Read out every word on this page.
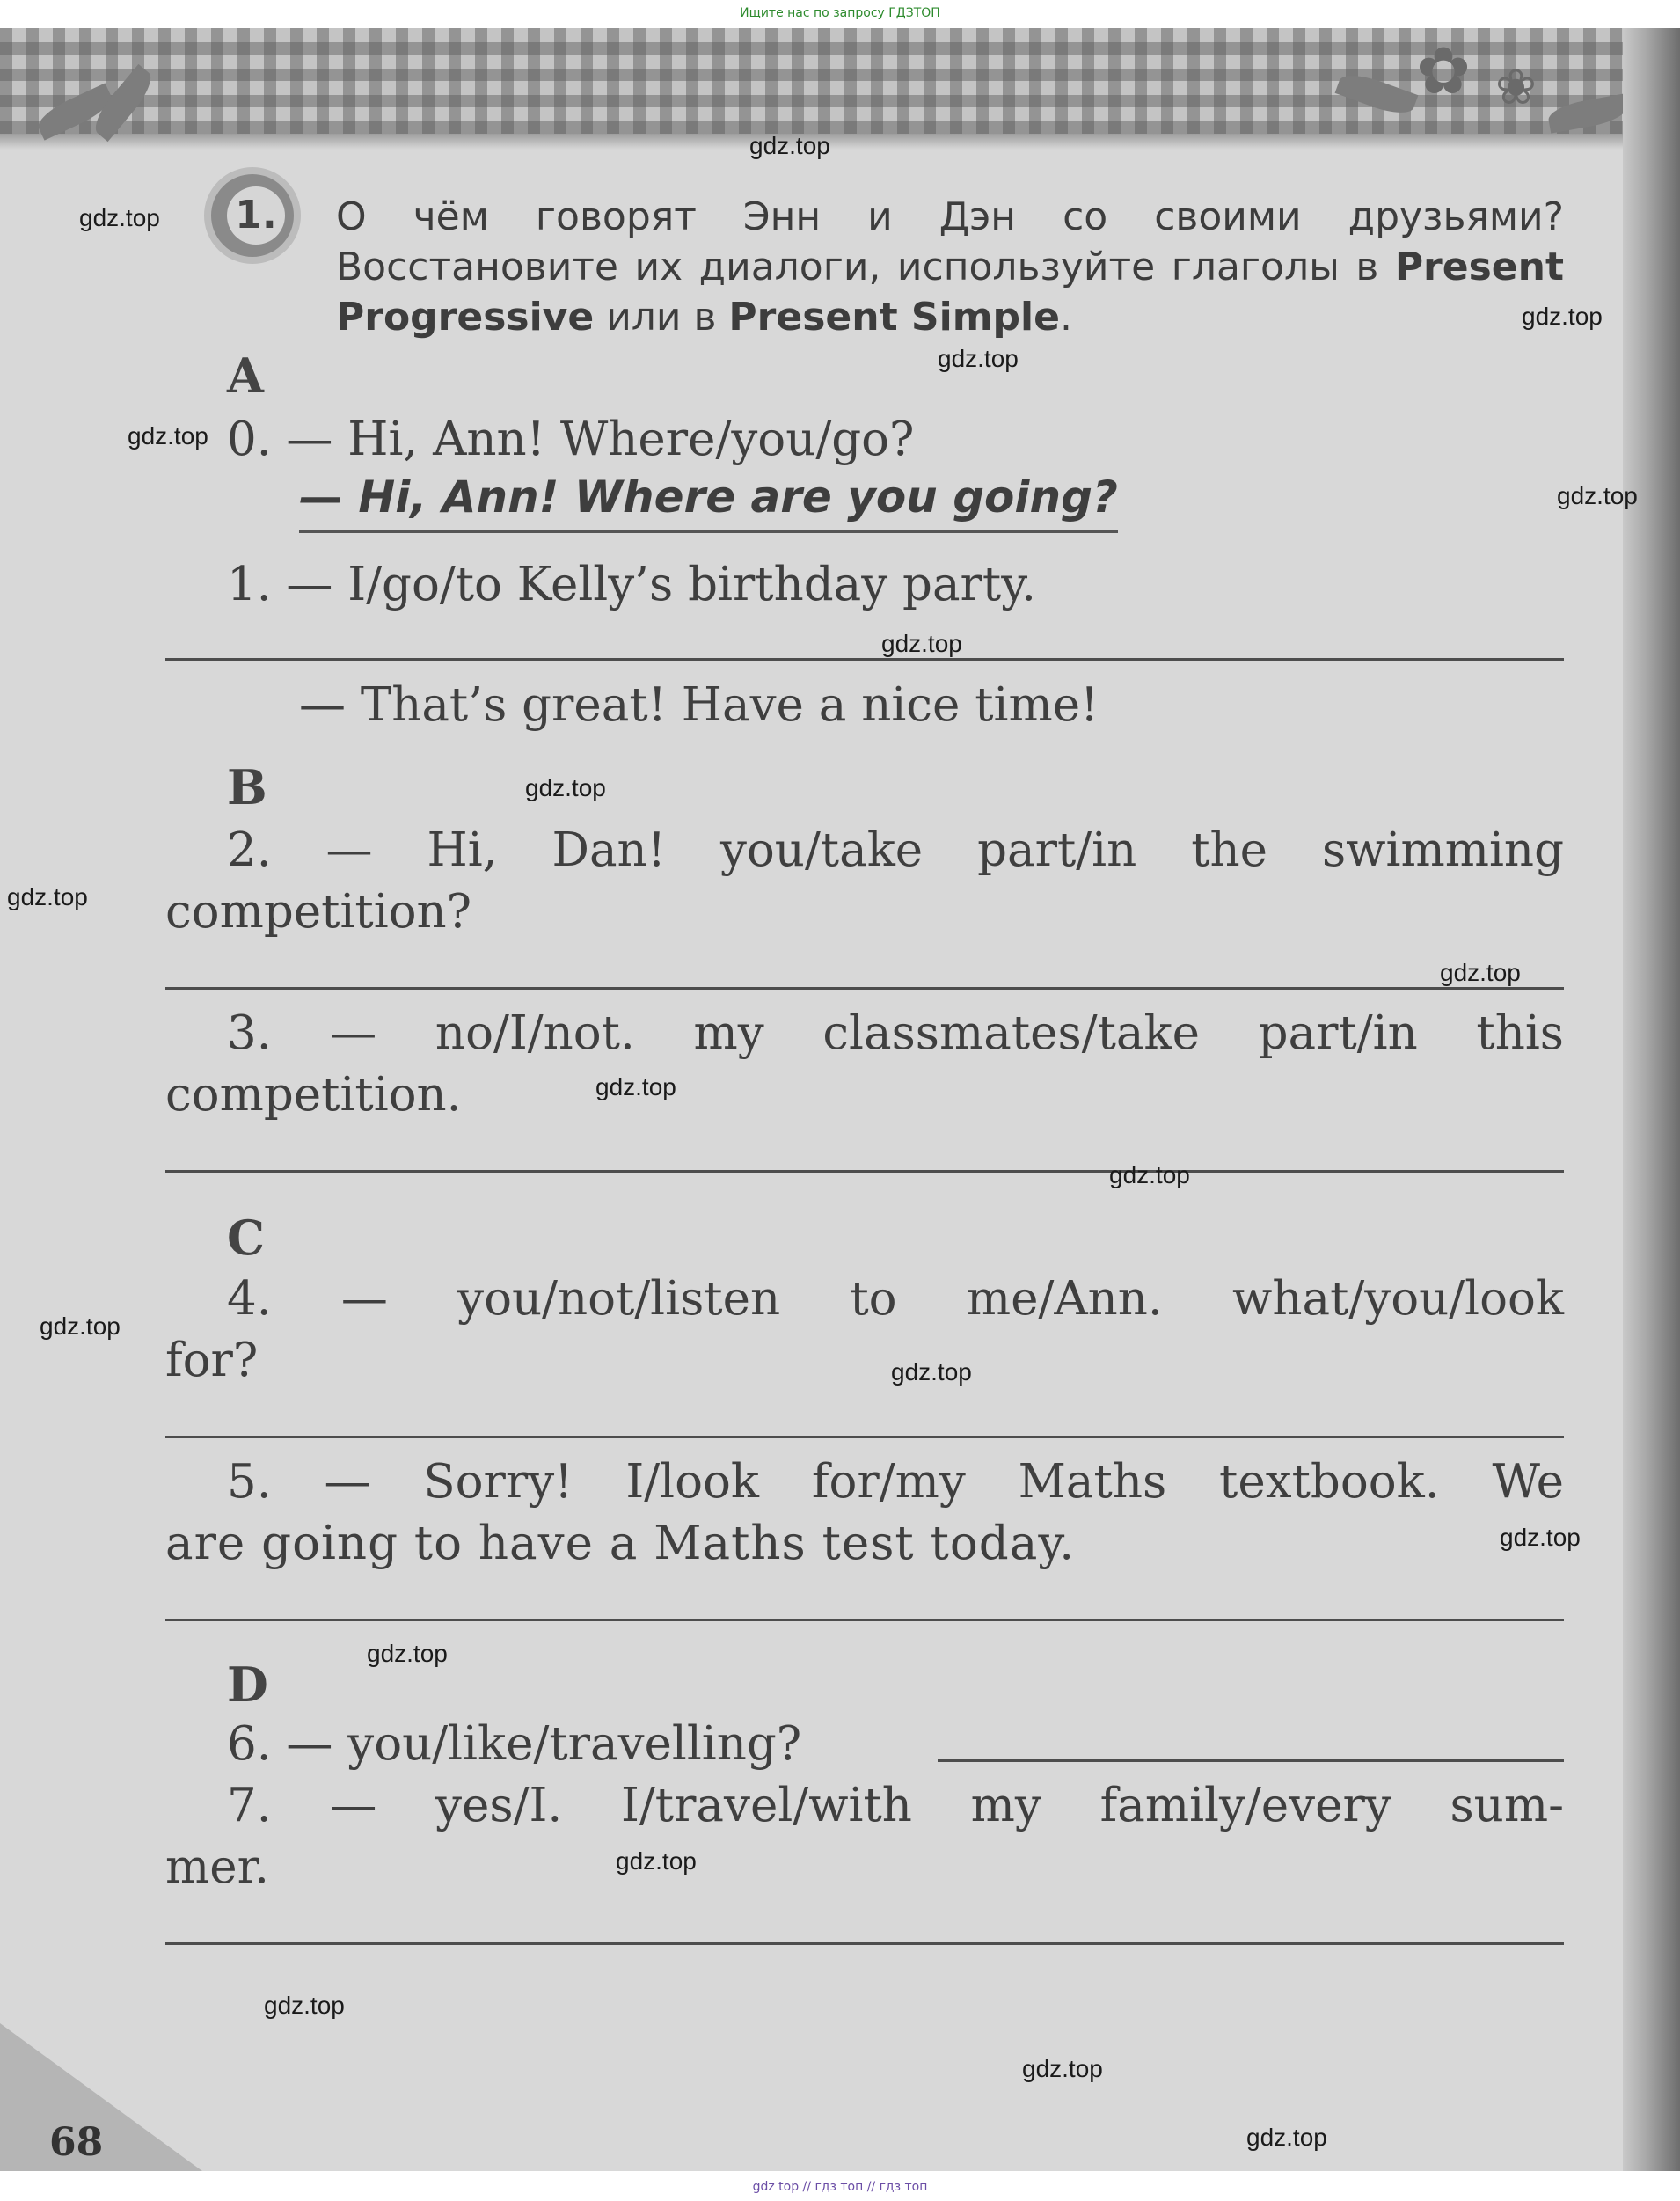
Ищите нас по запросу ГДЗТОП
✿ ❀
1. О чём говорят Энн и Дэн со своими друзьями? Восстановите их диалоги, используйте глаголы в Present Progressive или в Present Simple.
A
0. — Hi, Ann! Where/you/go?
— Hi, Ann! Where are you going?
1. — I/go/to Kelly’s birthday party.
— That’s great! Have a nice time!
B
2. — Hi, Dan! you/take part/in the swimming
competition?
3. — no/I/not. my classmates/take part/in this
competition.
C
4. — you/not/listen to me/Ann. what/you/look
for?
5. — Sorry! I/look for/my Maths textbook. We
are going to have a Maths test today.
D
6. — you/like/travelling?
7. — yes/I. I/travel/with my family/every sum-
mer.
68
gdz.top
gdz.top
gdz.top
gdz.top
gdz.top
gdz.top
gdz.top
gdz.top
gdz.top
gdz.top
gdz.top
gdz.top
gdz.top
gdz.top
gdz.top
gdz.top
gdz.top
gdz.top
gdz.top
gdz.top
gdz top // гдз топ // гдз топ
